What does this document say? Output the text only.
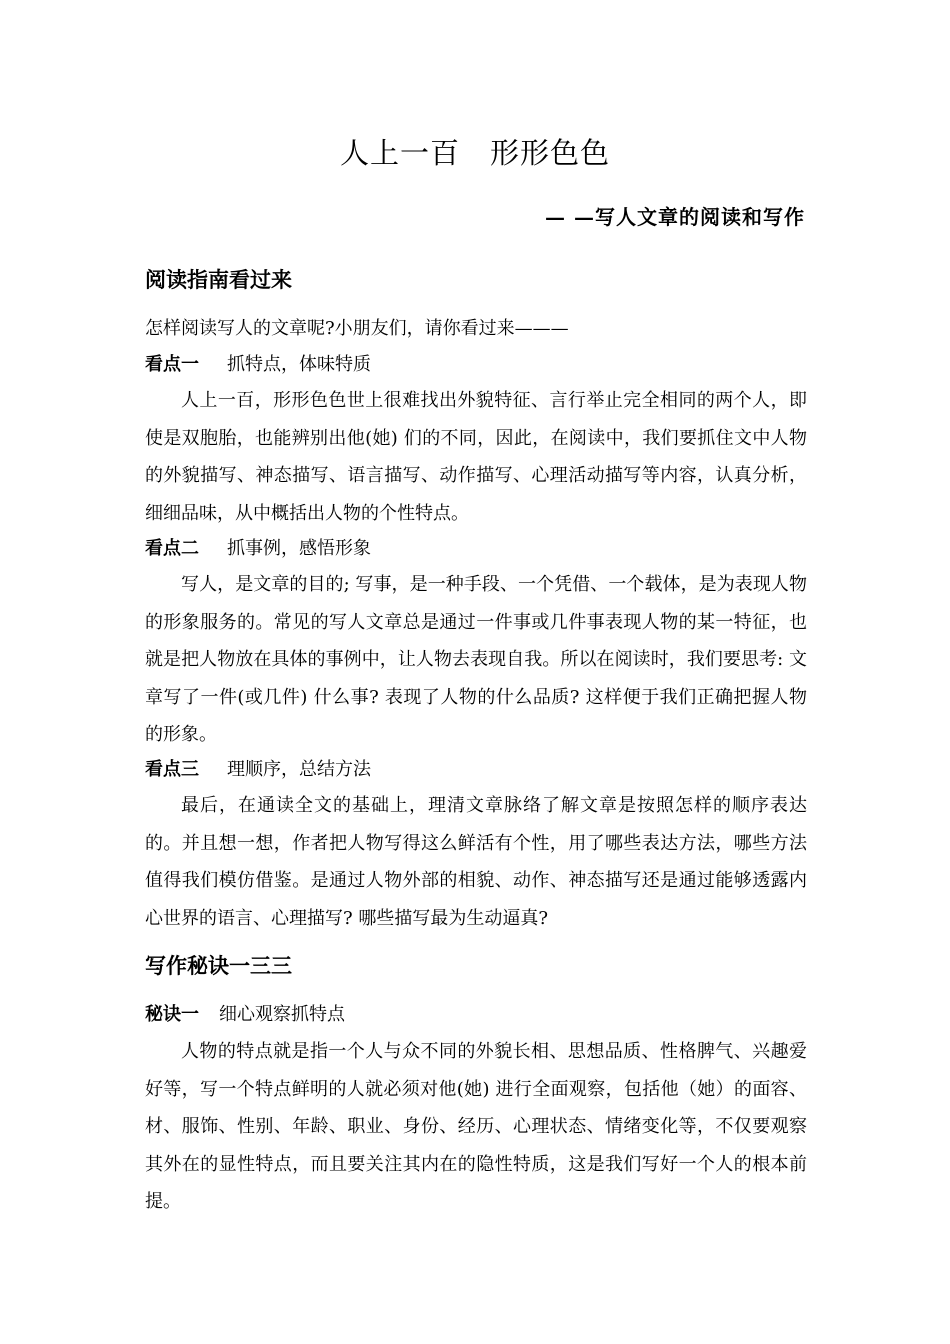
人上一百　形形色色
— —写人文章的阅读和写作
阅读指南看过来
怎样阅读写人的文章呢?小朋友们，请你看过来———
看点一 抓特点，体味特质
人上一百，形形色色世上很难找出外貌特征、言行举止完全相同的两个人，即使是双胞胎，也能辨别出他(她) 们的不同，因此，在阅读中，我们要抓住文中人物的外貌描写、神态描写、语言描写、动作描写、心理活动描写等内容，认真分析，细细品味，从中概括出人物的个性特点。
看点二 抓事例，感悟形象
写人，是文章的目的; 写事，是一种手段、一个凭借、一个载体，是为表现人物的形象服务的。常见的写人文章总是通过一件事或几件事表现人物的某一特征，也就是把人物放在具体的事例中，让人物去表现自我。所以在阅读时，我们要思考: 文章写了一件(或几件) 什么事? 表现了人物的什么品质? 这样便于我们正确把握人物的形象。
看点三 理顺序，总结方法
最后，在通读全文的基础上，理清文章脉络了解文章是按照怎样的顺序表达的。并且想一想，作者把人物写得这么鲜活有个性，用了哪些表达方法，哪些方法值得我们模仿借鉴。是通过人物外部的相貌、动作、神态描写还是通过能够透露内心世界的语言、心理描写? 哪些描写最为生动逼真?
写作秘诀一三三
秘诀一 细心观察抓特点
人物的特点就是指一个人与众不同的外貌长相、思想品质、性格脾气、兴趣爱好等，写一个特点鲜明的人就必须对他(她) 进行全面观察，包括他（她）的面容、材、服饰、性别、年龄、职业、身份、经历、心理状态、情绪变化等，不仅要观察其外在的显性特点，而且要关注其内在的隐性特质，这是我们写好一个人的根本前提。
